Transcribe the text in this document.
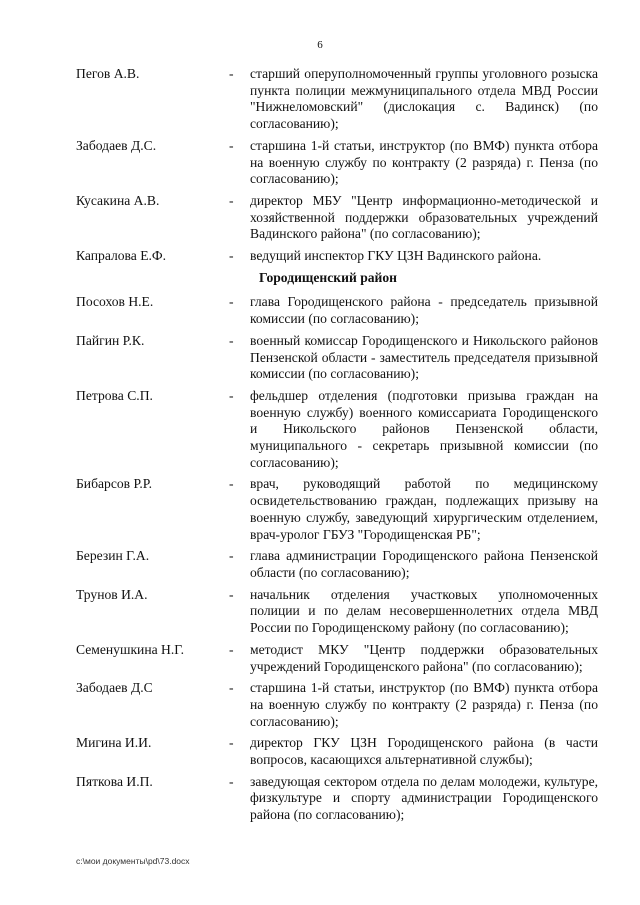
6
Пегов А.В.	- старший оперуполномоченный группы уголовного розыска пункта полиции межмуниципального отдела МВД России "Нижнеломовский" (дислокация с. Вадинск) (по согласованию);
Забодаев Д.С.	- старшина 1-й статьи, инструктор (по ВМФ) пункта отбора на военную службу по контракту (2 разряда) г. Пенза (по согласованию);
Кусакина А.В.	- директор МБУ "Центр информационно-методической и хозяйственной поддержки образовательных учреждений Вадинского района" (по согласованию);
Капралова Е.Ф.	- ведущий инспектор ГКУ ЦЗН Вадинского района.
Городищенский район
Посохов Н.Е.	- глава Городищенского района - председатель призывной комиссии (по согласованию);
Пайгин Р.К.	- военный комиссар Городищенского и Никольского районов Пензенской области - заместитель председателя призывной комиссии (по согласованию);
Петрова С.П.	- фельдшер отделения (подготовки призыва граждан на военную службу) военного комиссариата Городищенского и Никольского районов Пензенской области, муниципального - секретарь призывной комиссии (по согласованию);
Бибарсов Р.Р.	- врач, руководящий работой по медицинскому освидетельствованию граждан, подлежащих призыву на военную службу, заведующий хирургическим отделением, врач-уролог ГБУЗ "Городищенская РБ";
Березин Г.А.	- глава администрации Городищенского района Пензенской области (по согласованию);
Трунов И.А.	- начальник отделения участковых уполномоченных полиции и по делам несовершеннолетних отдела МВД России по Городищенскому району (по согласованию);
Семенушкина Н.Г.	- методист МКУ "Центр поддержки образовательных учреждений Городищенского района" (по согласованию);
Забодаев Д.С	- старшина 1-й статьи, инструктор (по ВМФ) пункта отбора на военную службу по контракту (2 разряда) г. Пенза (по согласованию);
Мигина И.И.	- директор ГКУ ЦЗН Городищенского района (в части вопросов, касающихся альтернативной службы);
Пяткова И.П.	- заведующая сектором отдела по делам молодежи, культуре, физкультуре и спорту администрации Городищенского района (по согласованию);
c:\мои документы\pd\73.docx
